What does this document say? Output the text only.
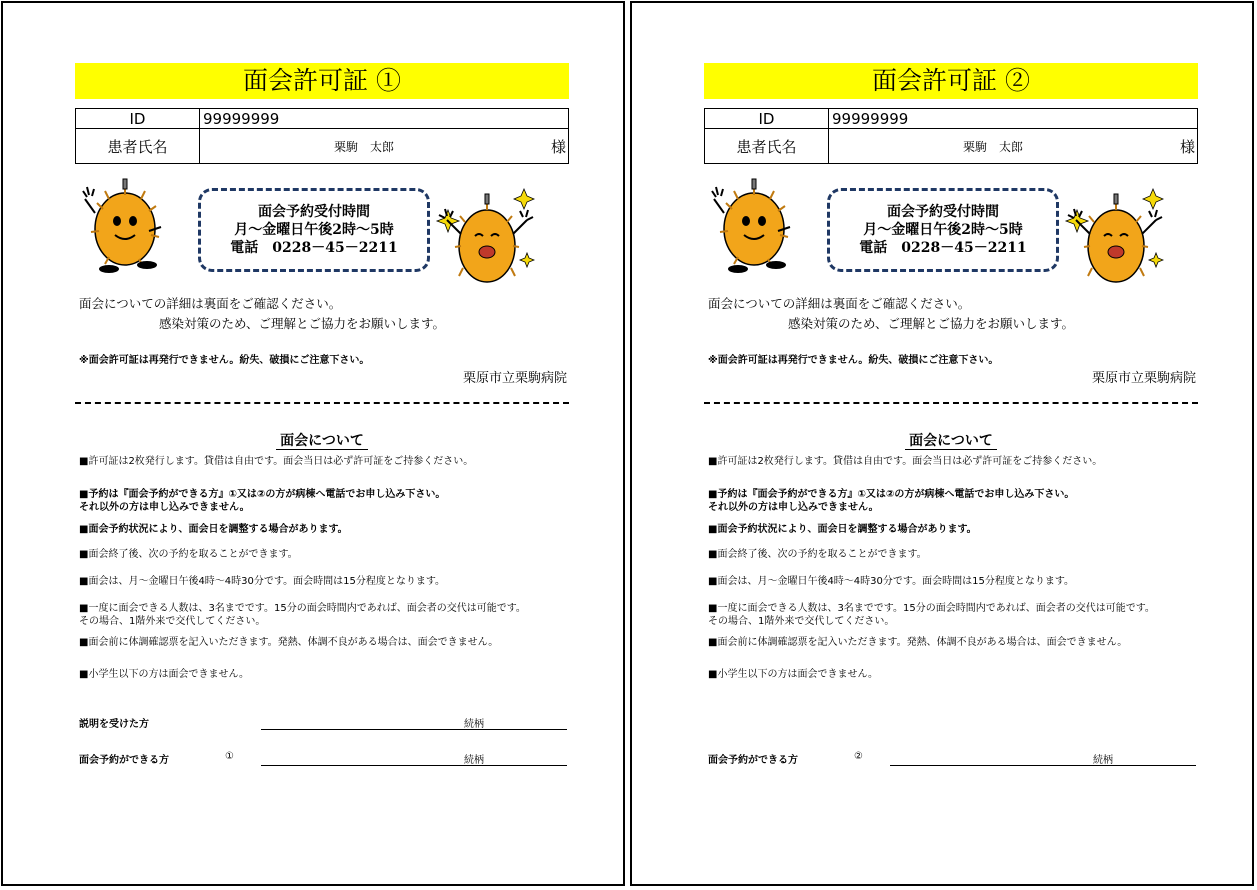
面会許可証 ①
ID	99999999
患者氏名	栗駒　太郎 様
面会予約受付時間
月～金曜日午後2時～5時
電話　0228－45－2211
面会についての詳細は裏面をご確認ください。
感染対策のため、ご理解とご協力をお願いします。
※面会許可証は再発行できません。紛失、破損にご注意下さい。
栗原市立栗駒病院
面会について
■許可証は2枚発行します。貸借は自由です。面会当日は必ず許可証をご持参ください。
■予約は『面会予約ができる方』①又は②の方が病棟へ電話でお申し込み下さい。
それ以外の方は申し込みできません。
■面会予約状況により、面会日を調整する場合があります。
■面会終了後、次の予約を取ることができます。
■面会は、月～金曜日午後4時～4時30分です。面会時間は15分程度となります。
■一度に面会できる人数は、3名までです。15分の面会時間内であれば、面会者の交代は可能です。
その場合、1階外来で交代してください。
■面会前に体調確認票を記入いただきます。発熱、体調不良がある場合は、面会できません。
■小学生以下の方は面会できません。
説明を受けた方	続柄
面会予約ができる方	①	続柄
面会許可証 ②
ID	99999999
患者氏名	栗駒　太郎 様
面会予約受付時間
月～金曜日午後2時～5時
電話　0228－45－2211
面会についての詳細は裏面をご確認ください。
感染対策のため、ご理解とご協力をお願いします。
※面会許可証は再発行できません。紛失、破損にご注意下さい。
栗原市立栗駒病院
面会について
■許可証は2枚発行します。貸借は自由です。面会当日は必ず許可証をご持参ください。
■予約は『面会予約ができる方』①又は②の方が病棟へ電話でお申し込み下さい。
それ以外の方は申し込みできません。
■面会予約状況により、面会日を調整する場合があります。
■面会終了後、次の予約を取ることができます。
■面会は、月～金曜日午後4時～4時30分です。面会時間は15分程度となります。
■一度に面会できる人数は、3名までです。15分の面会時間内であれば、面会者の交代は可能です。
その場合、1階外来で交代してください。
■面会前に体調確認票を記入いただきます。発熱、体調不良がある場合は、面会できません。
■小学生以下の方は面会できません。
面会予約ができる方	②	続柄
